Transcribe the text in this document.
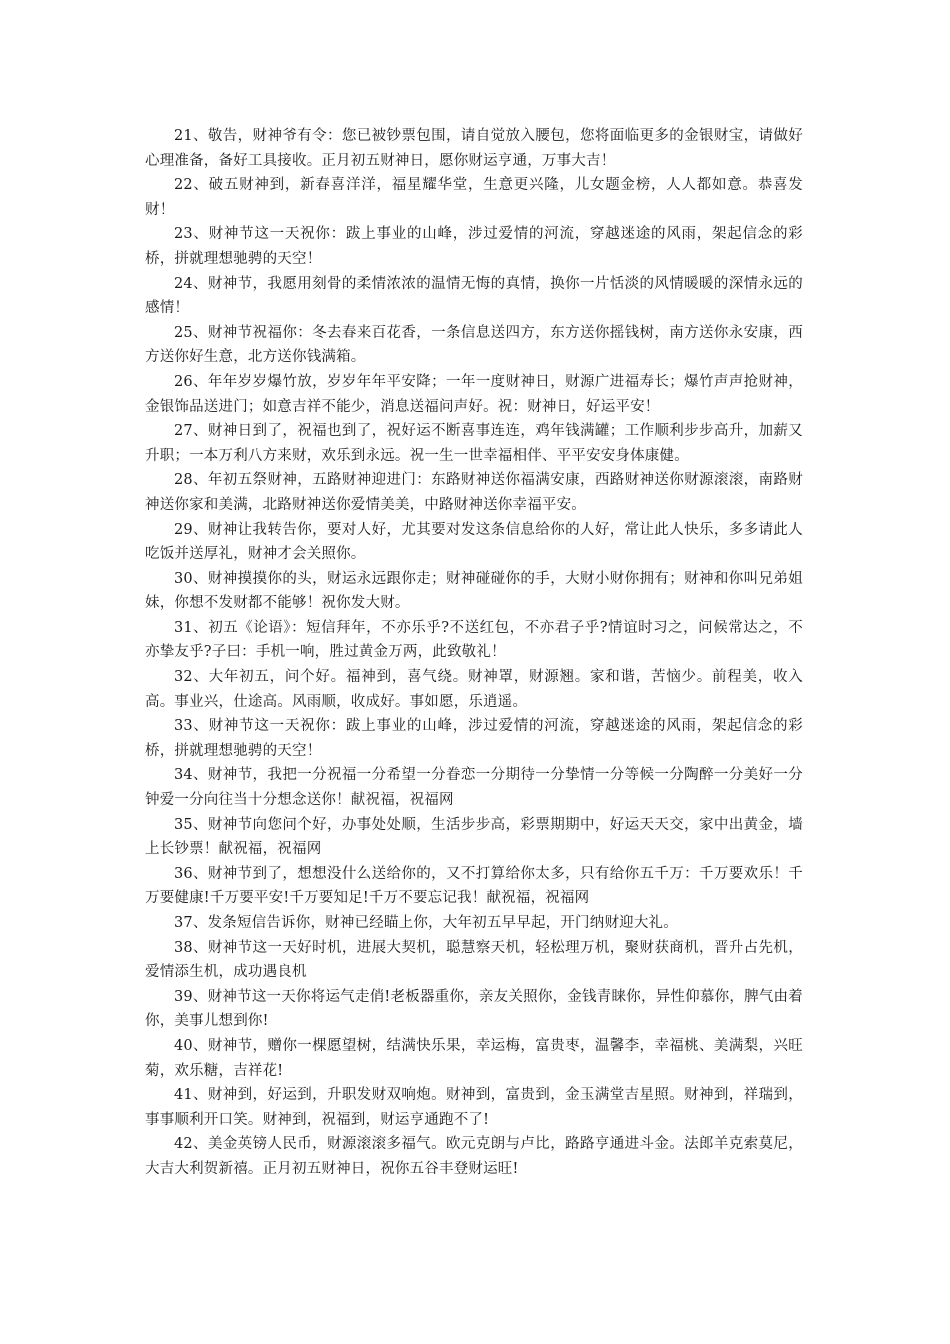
21、敬告，财神爷有令：您已被钞票包围，请自觉放入腰包，您将面临更多的金银财宝，请做好心理准备，备好工具接收。正月初五财神日，愿你财运亨通，万事大吉！

22、破五财神到，新春喜洋洋，福星耀华堂，生意更兴隆，儿女题金榜，人人都如意。恭喜发财！

23、财神节这一天祝你：跋上事业的山峰，涉过爱情的河流，穿越迷途的风雨，架起信念的彩桥，拼就理想驰骋的天空！

24、财神节，我愿用刻骨的柔情浓浓的温情无悔的真情，换你一片恬淡的风情暖暖的深情永远的感情！

25、财神节祝福你：冬去春来百花香，一条信息送四方，东方送你摇钱树，南方送你永安康，西方送你好生意，北方送你钱满箱。

26、年年岁岁爆竹放，岁岁年年平安降；一年一度财神日，财源广进福寿长；爆竹声声抢财神，金银饰品送进门；如意吉祥不能少，消息送福问声好。祝：财神日，好运平安！

27、财神日到了，祝福也到了，祝好运不断喜事连连，鸡年钱满罐；工作顺利步步高升，加薪又升职；一本万利八方来财，欢乐到永远。祝一生一世幸福相伴、平平安安身体康健。

28、年初五祭财神，五路财神迎进门：东路财神送你福满安康，西路财神送你财源滚滚，南路财神送你家和美满，北路财神送你爱情美美，中路财神送你幸福平安。

29、财神让我转告你，要对人好，尤其要对发这条信息给你的人好，常让此人快乐，多多请此人吃饭并送厚礼，财神才会关照你。

30、财神摸摸你的头，财运永远跟你走；财神碰碰你的手，大财小财你拥有；财神和你叫兄弟姐妹，你想不发财都不能够！祝你发大财。

31、初五《论语》：短信拜年，不亦乐乎?不送红包，不亦君子乎?情谊时习之，问候常达之，不亦挚友乎?子曰：手机一响，胜过黄金万两，此致敬礼！

32、大年初五，问个好。福神到，喜气绕。财神罩，财源翘。家和谐，苦恼少。前程美，收入高。事业兴，仕途高。风雨顺，收成好。事如愿，乐逍遥。

33、财神节这一天祝你：跋上事业的山峰，涉过爱情的河流，穿越迷途的风雨，架起信念的彩桥，拼就理想驰骋的天空！

34、财神节，我把一分祝福一分希望一分眷恋一分期待一分挚情一分等候一分陶醉一分美好一分钟爱一分向往当十分想念送你！献祝福，祝福网

35、财神节向您问个好，办事处处顺，生活步步高，彩票期期中，好运天天交，家中出黄金，墙上长钞票！献祝福，祝福网

36、财神节到了，想想没什么送给你的，又不打算给你太多，只有给你五千万：千万要欢乐！千万要健康!千万要平安!千万要知足!千万不要忘记我！献祝福，祝福网

37、发条短信告诉你，财神已经瞄上你，大年初五早早起，开门纳财迎大礼。

38、财神节这一天好时机，进展大契机，聪慧察天机，轻松理万机，聚财获商机，晋升占先机，爱情添生机，成功遇良机

39、财神节这一天你将运气走俏!老板器重你，亲友关照你，金钱青睐你，异性仰慕你，脾气由着你，美事儿想到你!

40、财神节，赠你一棵愿望树，结满快乐果，幸运梅，富贵枣，温馨李，幸福桃、美满梨，兴旺菊，欢乐糖，吉祥花!

41、财神到，好运到，升职发财双响炮。财神到，富贵到，金玉满堂吉星照。财神到，祥瑞到，事事顺利开口笑。财神到，祝福到，财运亨通跑不了!

42、美金英镑人民币，财源滚滚多福气。欧元克朗与卢比，路路亨通进斗金。法郎羊克索莫尼，大吉大利贺新禧。正月初五财神日，祝你五谷丰登财运旺!
